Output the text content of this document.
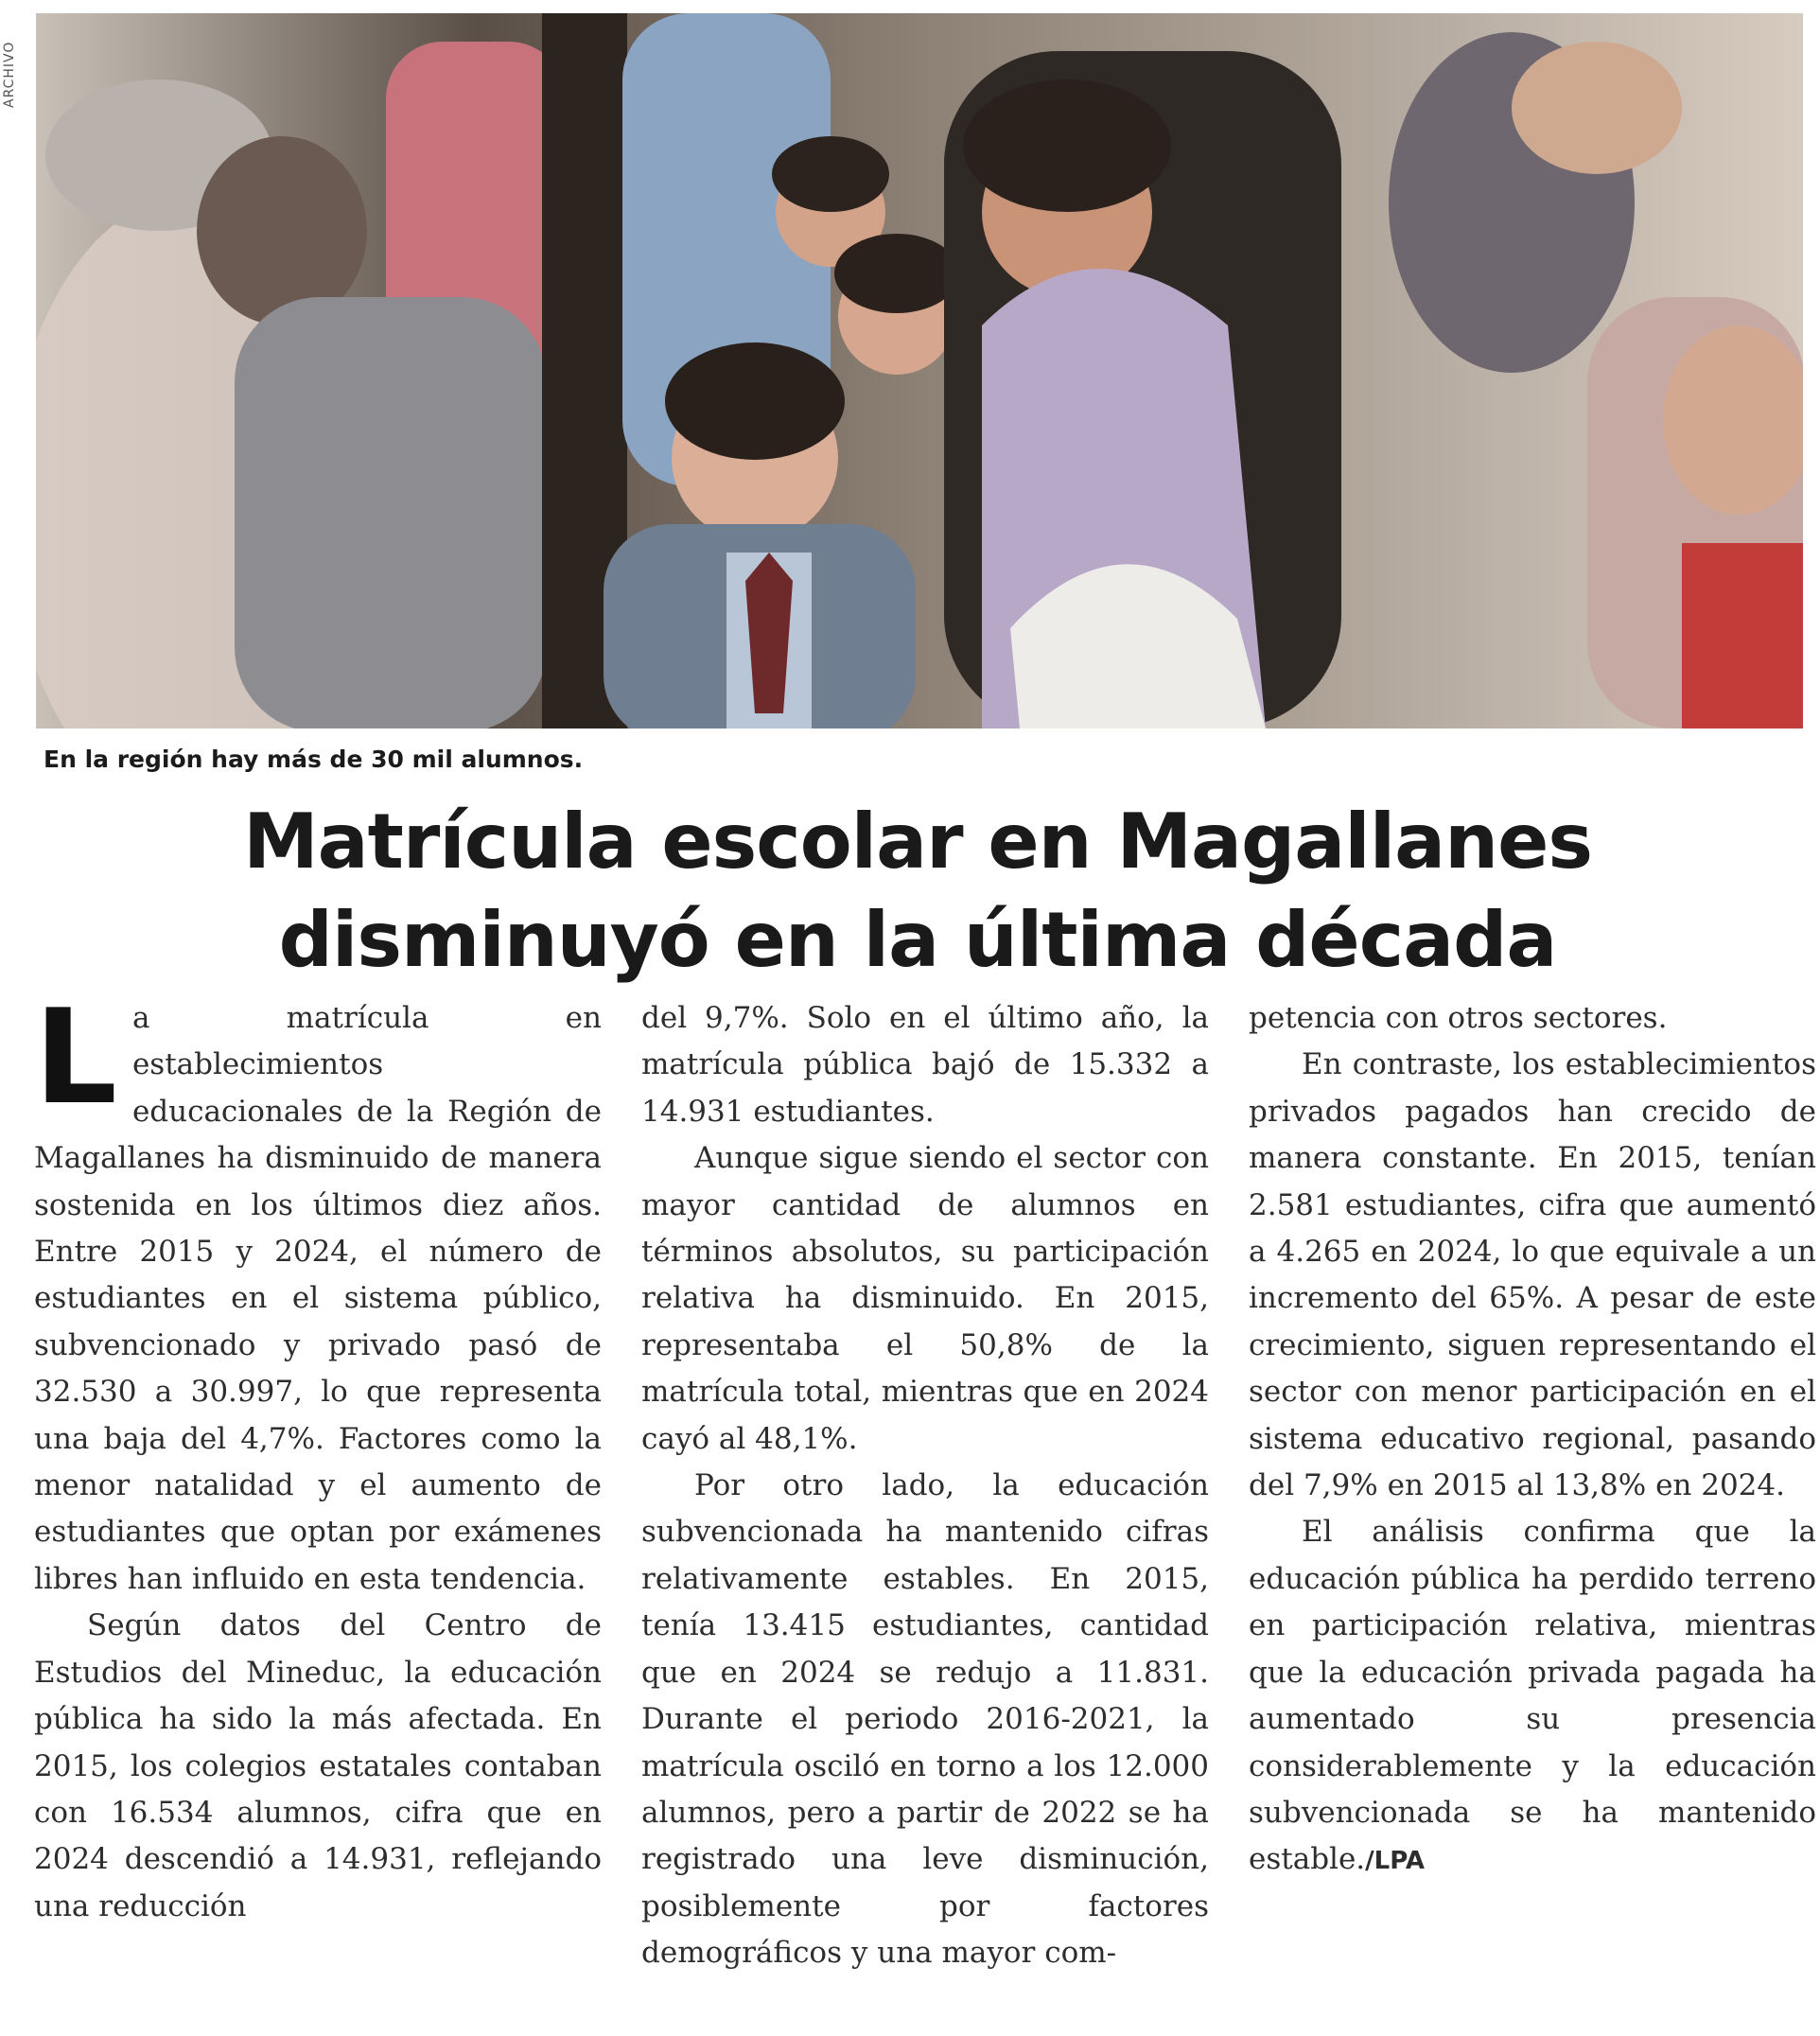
ARCHIVO
En la región hay más de 30 mil alumnos.
Matrícula escolar en Magallanes
disminuyó en la última década

La matrícula en establecimientos educacionales de la Región de Magallanes ha disminuido de manera sostenida en los últimos diez años. Entre 2015 y 2024, el número de estudiantes en el sistema público, subvencionado y privado pasó de 32.530 a 30.997, lo que representa una baja del 4,7%. Factores como la menor natalidad y el aumento de estudiantes que optan por exámenes libres han influido en esta tendencia.

Según datos del Centro de Estudios del Mineduc, la educación pública ha sido la más afectada. En 2015, los colegios estatales contaban con 16.534 alumnos, cifra que en 2024 descendió a 14.931, reflejando una reducción

del 9,7%. Solo en el último año, la matrícula pública bajó de 15.332 a 14.931 estudiantes.

Aunque sigue siendo el sector con mayor cantidad de alumnos en términos absolutos, su participación relativa ha disminuido. En 2015, representaba el 50,8% de la matrícula total, mientras que en 2024 cayó al 48,1%.

Por otro lado, la educación subvencionada ha mantenido cifras relativamente estables. En 2015, tenía 13.415 estudiantes, cantidad que en 2024 se redujo a 11.831. Durante el periodo 2016-2021, la matrícula osciló en torno a los 12.000 alumnos, pero a partir de 2022 se ha registrado una leve disminución, posiblemente por factores demográficos y una mayor com-

petencia con otros sectores.

En contraste, los establecimientos privados pagados han crecido de manera constante. En 2015, tenían 2.581 estudiantes, cifra que aumentó a 4.265 en 2024, lo que equivale a un incremento del 65%. A pesar de este crecimiento, siguen representando el sector con menor participación en el sistema educativo regional, pasando del 7,9% en 2015 al 13,8% en 2024.

El análisis confirma que la educación pública ha perdido terreno en participación relativa, mientras que la educación privada pagada ha aumentado su presencia considerablemente y la educación subvencionada se ha mantenido estable./LPA
